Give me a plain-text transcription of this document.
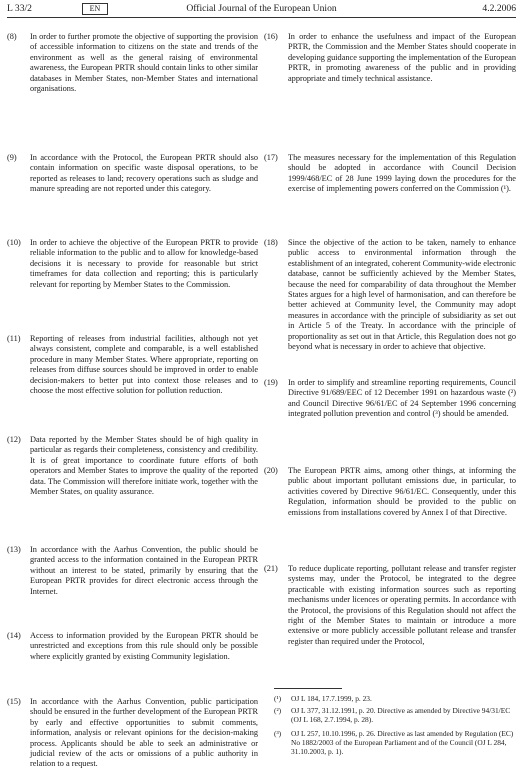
L 33/2	EN	Official Journal of the European Union	4.2.2006
(8) In order to further promote the objective of supporting the provision of accessible information to citizens on the state and trends of the environment as well as the general raising of environmental awareness, the European PRTR should contain links to other similar databases in Member States, non-Member States and international organisations.
(9) In accordance with the Protocol, the European PRTR should also contain information on specific waste disposal operations, to be reported as releases to land; recovery operations such as sludge and manure spreading are not reported under this category.
(10) In order to achieve the objective of the European PRTR to provide reliable information to the public and to allow for knowledge-based decisions it is necessary to provide for reasonable but strict timeframes for data collection and reporting; this is particularly relevant for reporting by Member States to the Commission.
(11) Reporting of releases from industrial facilities, although not yet always consistent, complete and comparable, is a well established procedure in many Member States. Where appropriate, reporting on releases from diffuse sources should be improved in order to enable decision-makers to better put into context those releases and to choose the most effective solution for pollution reduction.
(12) Data reported by the Member States should be of high quality in particular as regards their completeness, consistency and credibility. It is of great importance to coordinate future efforts of both operators and Member States to improve the quality of the reported data. The Commission will therefore initiate work, together with the Member States, on quality assurance.
(13) In accordance with the Aarhus Convention, the public should be granted access to the information contained in the European PRTR without an interest to be stated, primarily by ensuring that the European PRTR provides for direct electronic access through the Internet.
(14) Access to information provided by the European PRTR should be unrestricted and exceptions from this rule should only be possible where explicitly granted by existing Community legislation.
(15) In accordance with the Aarhus Convention, public participation should be ensured in the further development of the European PRTR by early and effective opportunities to submit comments, information, analysis or relevant opinions for the decision-making process. Applicants should be able to seek an administrative or judicial review of the acts or omissions of a public authority in relation to a request.
(16) In order to enhance the usefulness and impact of the European PRTR, the Commission and the Member States should cooperate in developing guidance supporting the implementation of the European PRTR, in promoting awareness of the public and in providing appropriate and timely technical assistance.
(17) The measures necessary for the implementation of this Regulation should be adopted in accordance with Council Decision 1999/468/EC of 28 June 1999 laying down the procedures for the exercise of implementing powers conferred on the Commission (¹).
(18) Since the objective of the action to be taken, namely to enhance public access to environmental information through the establishment of an integrated, coherent Community-wide electronic database, cannot be sufficiently achieved by the Member States, because the need for comparability of data throughout the Member States argues for a high level of harmonisation, and can therefore be better achieved at Community level, the Community may adopt measures in accordance with the principle of subsidiarity as set out in Article 5 of the Treaty. In accordance with the principle of proportionality as set out in that Article, this Regulation does not go beyond what is necessary in order to achieve that objective.
(19) In order to simplify and streamline reporting requirements, Council Directive 91/689/EEC of 12 December 1991 on hazardous waste (²) and Council Directive 96/61/EC of 24 September 1996 concerning integrated pollution prevention and control (³) should be amended.
(20) The European PRTR aims, among other things, at informing the public about important pollutant emissions due, in particular, to activities covered by Directive 96/61/EC. Consequently, under this Regulation, information should be provided to the public on emissions from installations covered by Annex I of that Directive.
(21) To reduce duplicate reporting, pollutant release and transfer register systems may, under the Protocol, be integrated to the degree practicable with existing information sources such as reporting mechanisms under licences or operating permits. In accordance with the Protocol, the provisions of this Regulation should not affect the right of the Member States to maintain or introduce a more extensive or more publicly accessible pollutant release and transfer register than required under the Protocol,
(¹) OJ L 184, 17.7.1999, p. 23.
(²) OJ L 377, 31.12.1991, p. 20. Directive as amended by Directive 94/31/EC (OJ L 168, 2.7.1994, p. 28).
(³) OJ L 257, 10.10.1996, p. 26. Directive as last amended by Regulation (EC) No 1882/2003 of the European Parliament and of the Council (OJ L 284, 31.10.2003, p. 1).
